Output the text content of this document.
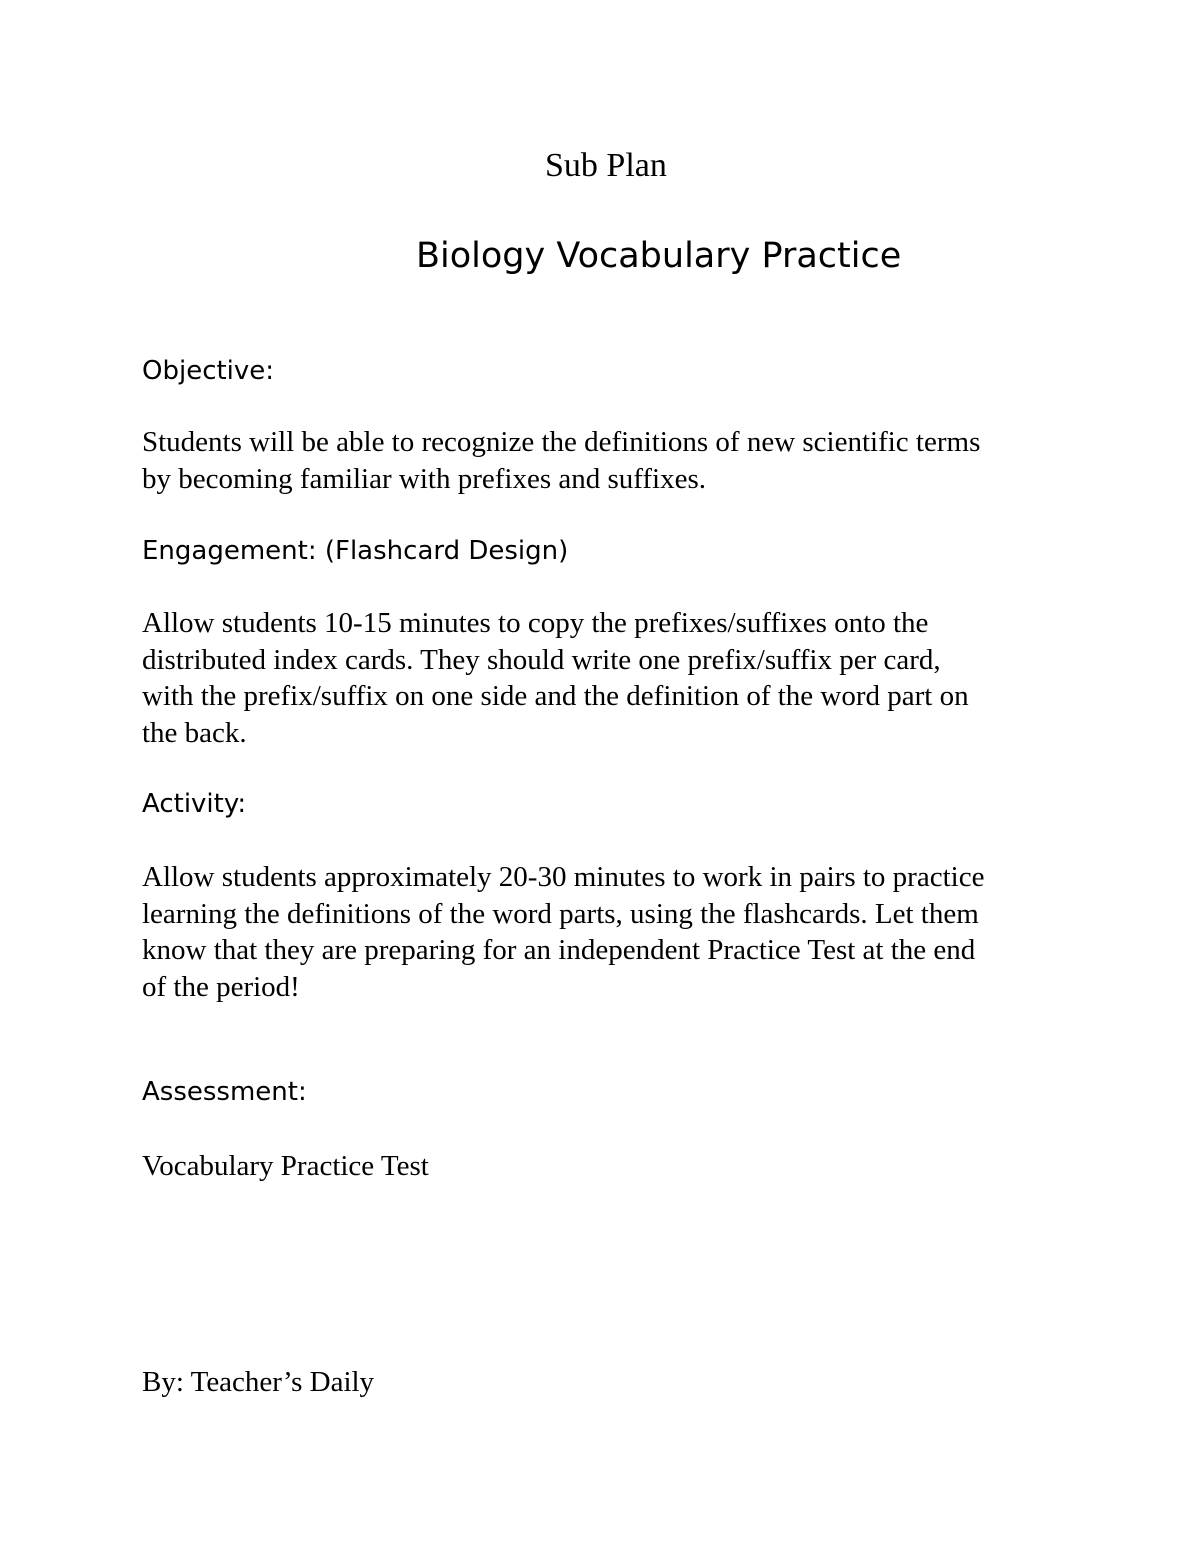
Sub Plan
Biology Vocabulary Practice
Objective:
Students will be able to recognize the definitions of new scientific terms
by becoming familiar with prefixes and suffixes.
Engagement: (Flashcard Design)
Allow students 10-15 minutes to copy the prefixes/suffixes onto the
distributed index cards. They should write one prefix/suffix per card,
with the prefix/suffix on one side and the definition of the word part on
the back.
Activity:
Allow students approximately 20-30 minutes to work in pairs to practice
learning the definitions of the word parts, using the flashcards. Let them
know that they are preparing for an independent Practice Test at the end
of the period!
Assessment:
Vocabulary Practice Test
By: Teacher’s Daily
